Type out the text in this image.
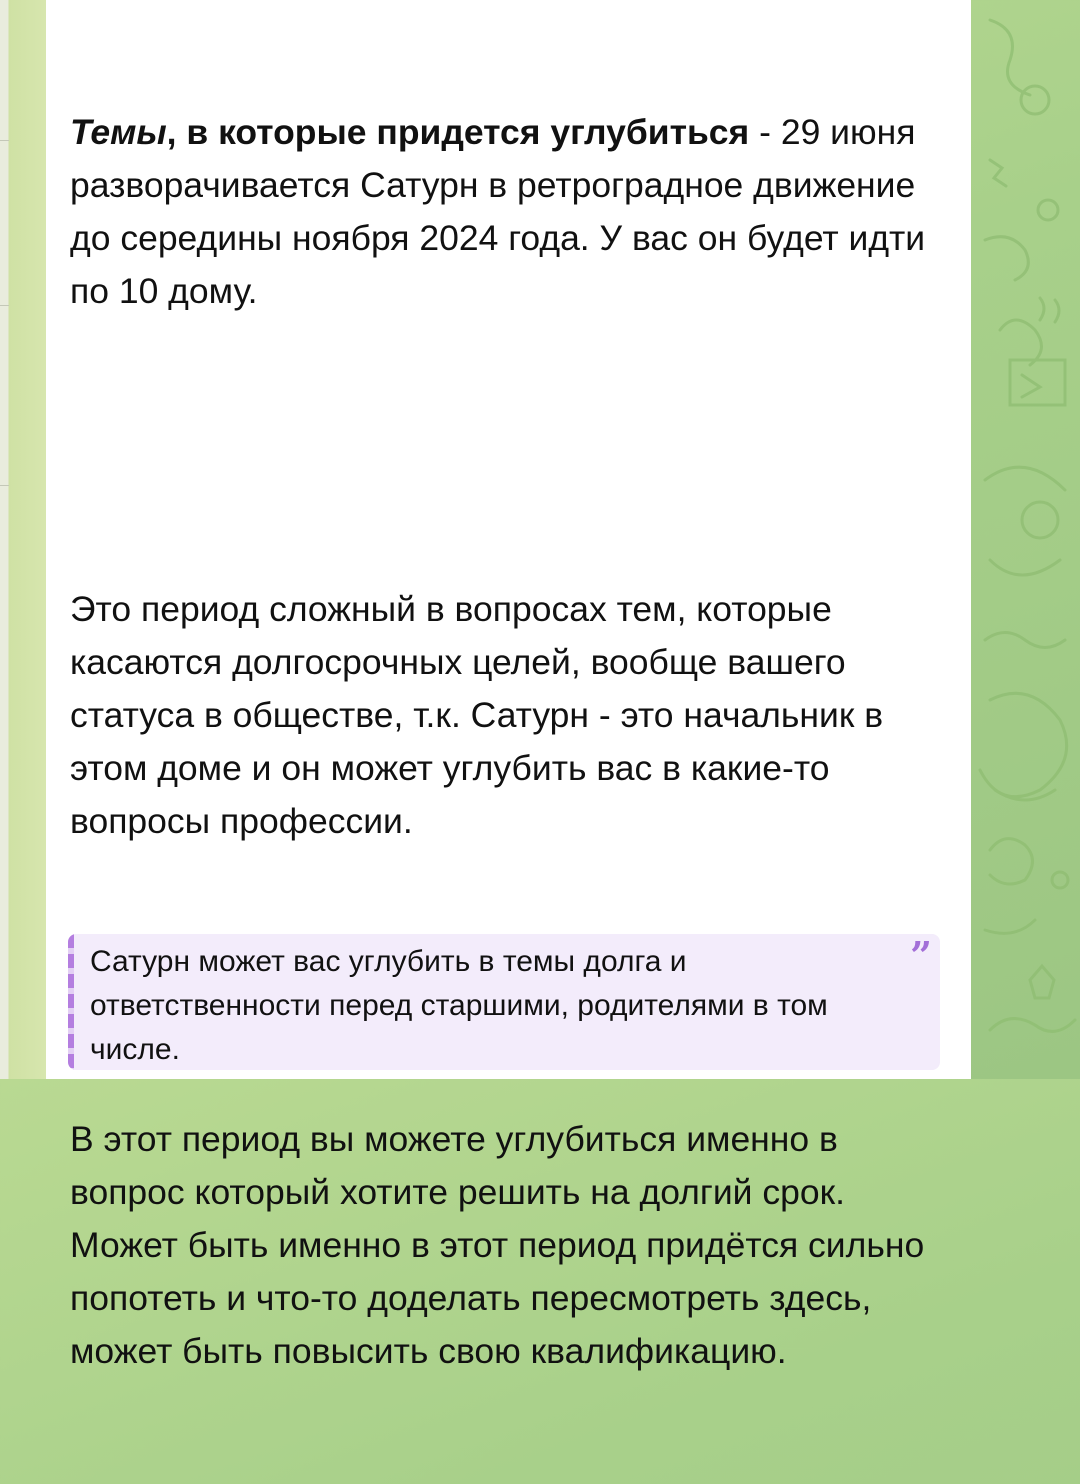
Темы, в которые придется углубиться - 29 июня разворачивается Сатурн в ретроградное движение до середины ноября 2024 года. У вас он будет идти по 10 дому.

Это период сложный в вопросах тем, которые касаются долгосрочных целей, вообще вашего статуса в обществе, т.к. Сатурн - это начальник в этом доме и он может углубить вас в какие-то вопросы профессии.

В этот период вы можете углубиться именно в вопрос который хотите решить на долгий срок. Может быть именно в этот период придётся сильно попотеть и что-то доделать пересмотреть здесь, может быть повысить свою квалификацию.

Сатурн может вас углубить в темы долга и ответственности перед старшими, родителями в том числе.
”
